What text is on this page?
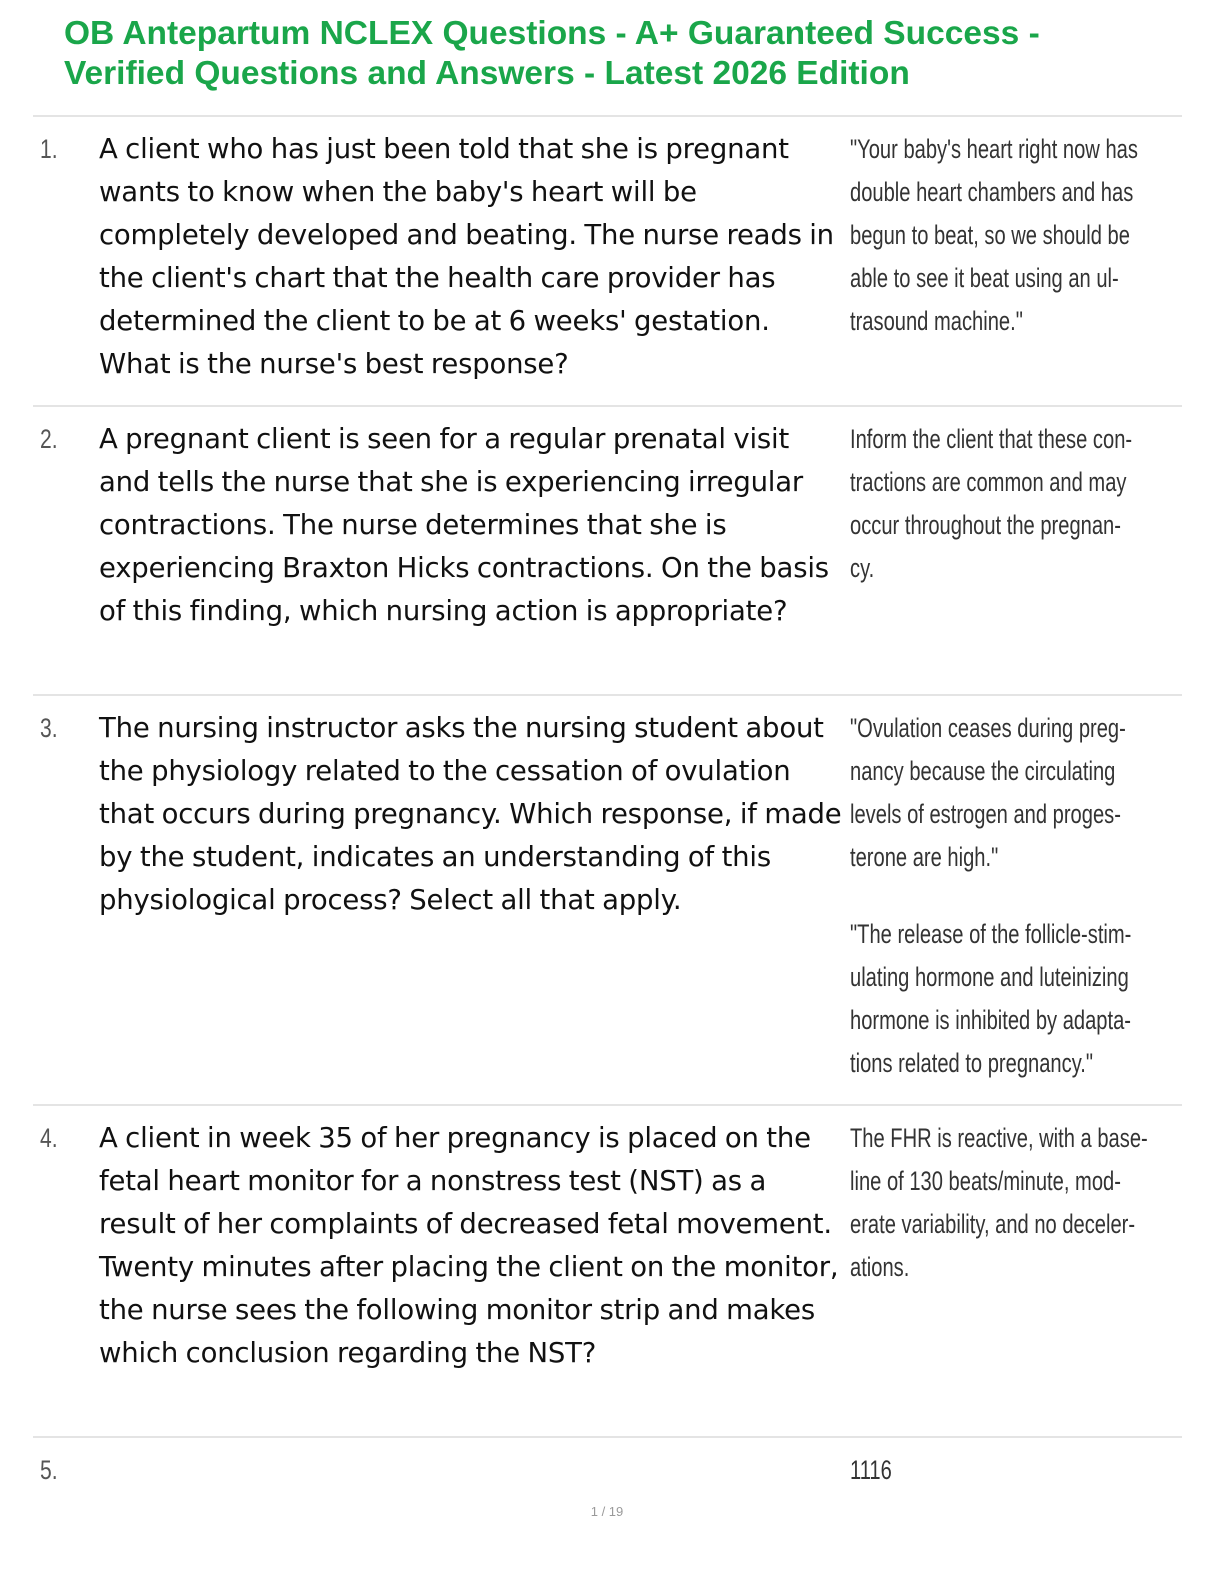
OB Antepartum NCLEX Questions - A+ Guaranteed Success -
Verified Questions and Answers - Latest 2026 Edition
1. A client who has just been told that she is pregnant wants to know when the baby's heart will be completely developed and beating. The nurse reads in the client's chart that the health care provider has determined the client to be at 6 weeks' gestation. What is the nurse's best response?

"Your baby's heart right now has
double heart chambers and has
begun to beat, so we should be
able to see it beat using an ul-
trasound machine."

2. A pregnant client is seen for a regular prenatal visit and tells the nurse that she is experiencing irregular contractions. The nurse determines that she is experiencing Braxton Hicks contractions. On the basis of this finding, which nursing action is appropriate?

Inform the client that these con-
tractions are common and may
occur throughout the pregnan-
cy.

3. The nursing instructor asks the nursing student about the physiology related to the cessation of ovulation that occurs during pregnancy. Which response, if made by the student, indicates an understanding of this physiological process? Select all that apply.

"Ovulation ceases during preg-
nancy because the circulating
levels of estrogen and proges-
terone are high."

"The release of the follicle-stim-
ulating hormone and luteinizing
hormone is inhibited by adapta-
tions related to pregnancy."

4. A client in week 35 of her pregnancy is placed on the fetal heart monitor for a nonstress test (NST) as a result of her complaints of decreased fetal movement. Twenty minutes after placing the client on the monitor, the nurse sees the following monitor strip and makes which conclusion regarding the NST?

The FHR is reactive, with a base-
line of 130 beats/minute, mod-
erate variability, and no deceler-
ations.

5.	1116

1 / 19
